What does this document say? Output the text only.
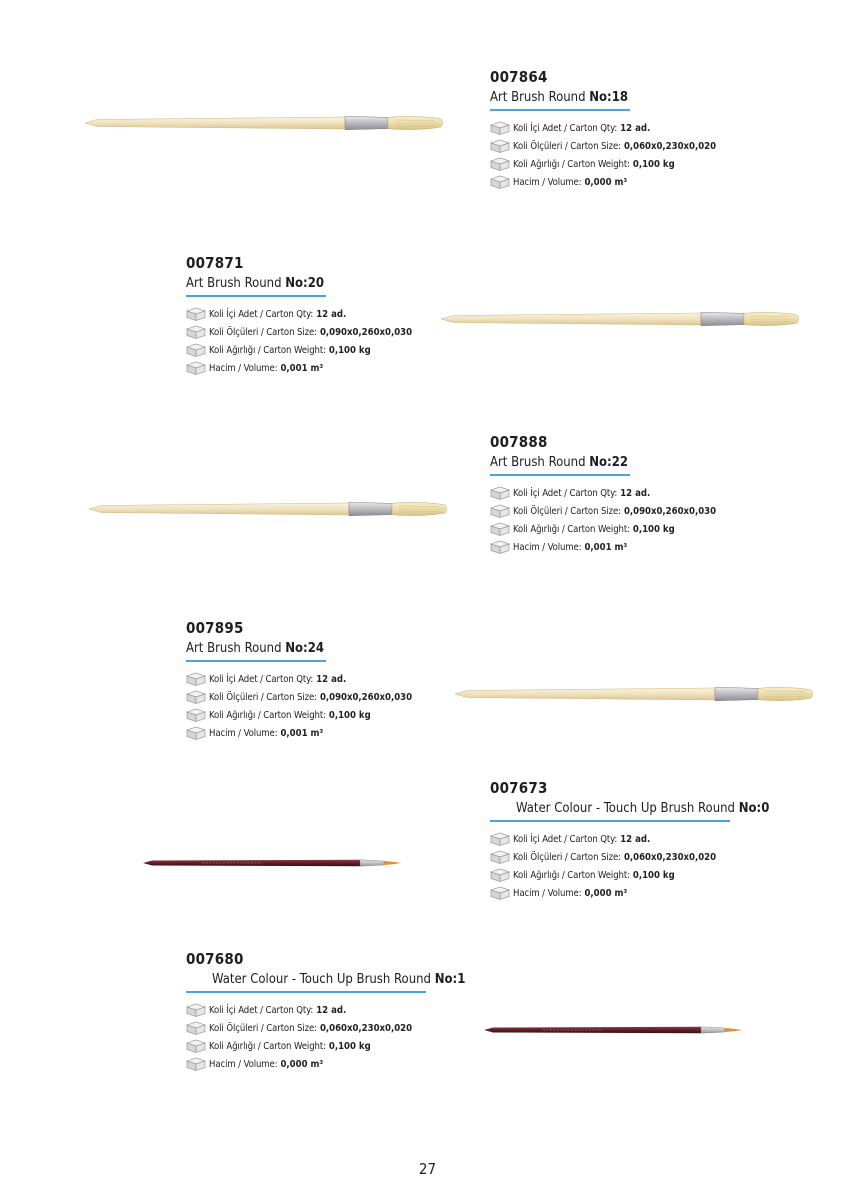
007864
Art Brush Round No:18
Koli İçi Adet / Carton Qty: 12 ad.
Koli Ölçüleri / Carton Size: 0,060x0,230x0,020
Koli Ağırlığı / Carton Weight: 0,100 kg
Hacim / Volume: 0,000 m³
007871
Art Brush Round No:20
Koli İçi Adet / Carton Qty: 12 ad.
Koli Ölçüleri / Carton Size: 0,090x0,260x0,030
Koli Ağırlığı / Carton Weight: 0,100 kg
Hacim / Volume: 0,001 m³
007888
Art Brush Round No:22
Koli İçi Adet / Carton Qty: 12 ad.
Koli Ölçüleri / Carton Size: 0,090x0,260x0,030
Koli Ağırlığı / Carton Weight: 0,100 kg
Hacim / Volume: 0,001 m³
007895
Art Brush Round No:24
Koli İçi Adet / Carton Qty: 12 ad.
Koli Ölçüleri / Carton Size: 0,090x0,260x0,030
Koli Ağırlığı / Carton Weight: 0,100 kg
Hacim / Volume: 0,001 m³
007673
Water Colour - Touch Up Brush Round No:0
Koli İçi Adet / Carton Qty: 12 ad.
Koli Ölçüleri / Carton Size: 0,060x0,230x0,020
Koli Ağırlığı / Carton Weight: 0,100 kg
Hacim / Volume: 0,000 m³
007680
Water Colour - Touch Up Brush Round No:1
Koli İçi Adet / Carton Qty: 12 ad.
Koli Ölçüleri / Carton Size: 0,060x0,230x0,020
Koli Ağırlığı / Carton Weight: 0,100 kg
Hacim / Volume: 0,000 m³
27
